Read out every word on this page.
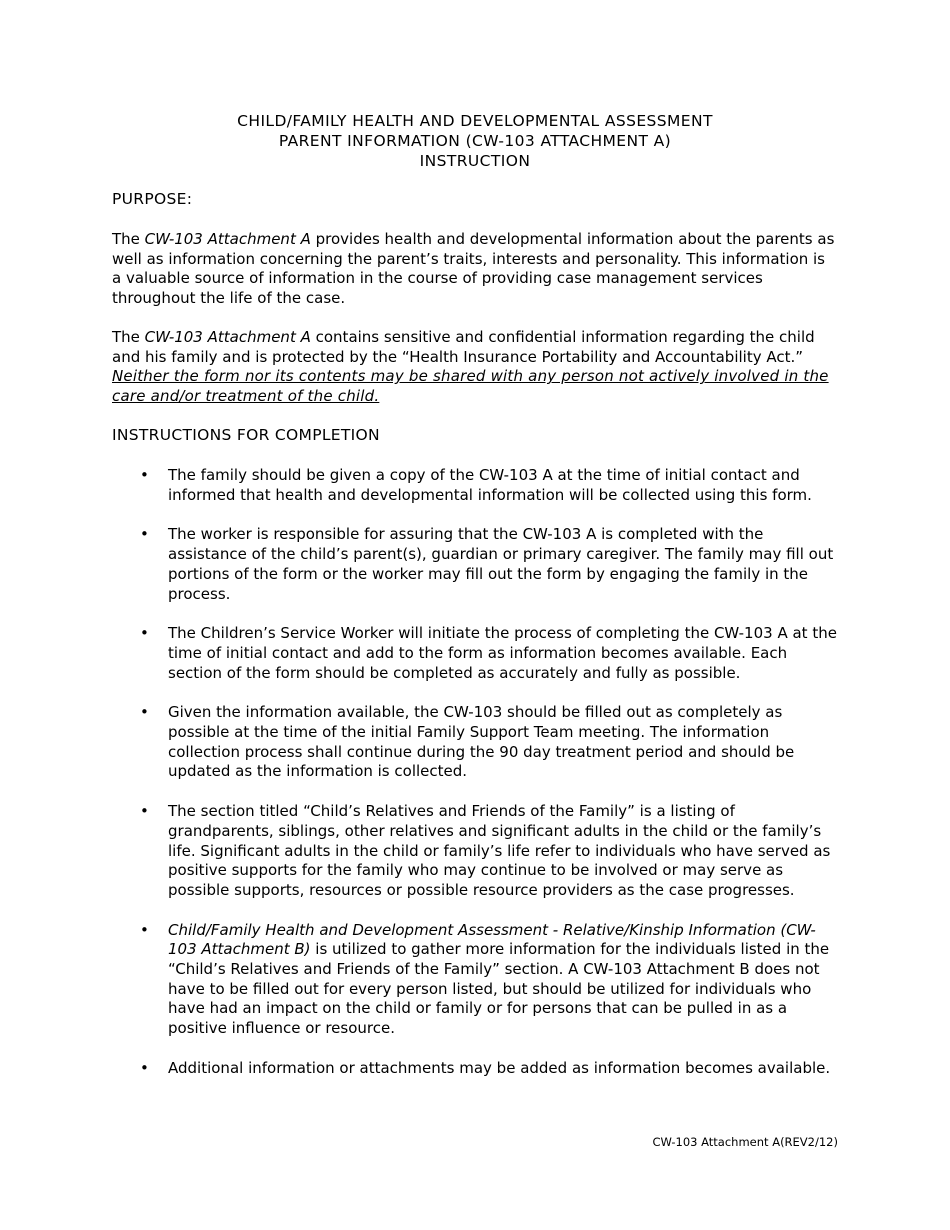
CHILD/FAMILY HEALTH AND DEVELOPMENTAL ASSESSMENT
PARENT INFORMATION (CW-103 ATTACHMENT A)
INSTRUCTION
PURPOSE:
The CW-103 Attachment A provides health and developmental information about the parents as well as information concerning the parent’s traits, interests and personality. This information is a valuable source of information in the course of providing case management services throughout the life of the case.
The CW-103 Attachment A contains sensitive and confidential information regarding the child and his family and is protected by the “Health Insurance Portability and Accountability Act.”
Neither the form nor its contents may be shared with any person not actively involved in the care and/or treatment of the child.
INSTRUCTIONS FOR COMPLETION
• The family should be given a copy of the CW-103 A at the time of initial contact and informed that health and developmental information will be collected using this form.
• The worker is responsible for assuring that the CW-103 A is completed with the assistance of the child’s parent(s), guardian or primary caregiver. The family may fill out portions of the form or the worker may fill out the form by engaging the family in the process.
• The Children’s Service Worker will initiate the process of completing the CW-103 A at the time of initial contact and add to the form as information becomes available. Each section of the form should be completed as accurately and fully as possible.
• Given the information available, the CW-103 should be filled out as completely as possible at the time of the initial Family Support Team meeting. The information collection process shall continue during the 90 day treatment period and should be updated as the information is collected.
• The section titled “Child’s Relatives and Friends of the Family” is a listing of grandparents, siblings, other relatives and significant adults in the child or the family’s life. Significant adults in the child or family’s life refer to individuals who have served as positive supports for the family who may continue to be involved or may serve as possible supports, resources or possible resource providers as the case progresses.
• Child/Family Health and Development Assessment - Relative/Kinship Information (CW-103 Attachment B) is utilized to gather more information for the individuals listed in the “Child’s Relatives and Friends of the Family” section. A CW-103 Attachment B does not have to be filled out for every person listed, but should be utilized for individuals who have had an impact on the child or family or for persons that can be pulled in as a positive influence or resource.
• Additional information or attachments may be added as information becomes available.
CW-103 Attachment A(REV2/12)
